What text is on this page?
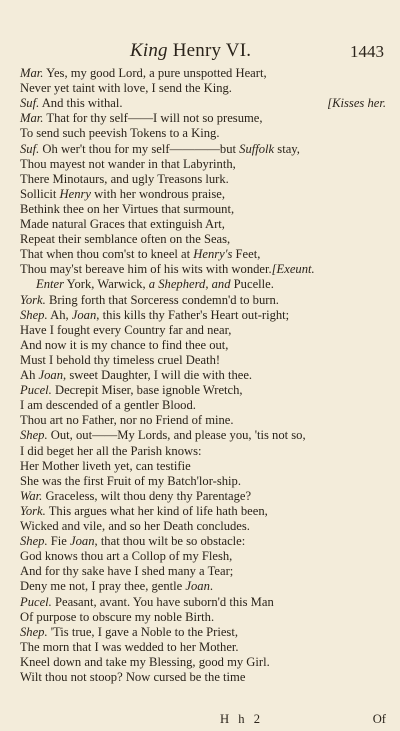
King Henry VI.	1443
Mar. Yes, my good Lord, a pure unspotted Heart,
Never yet taint with love, I send the King.
Suf. And this withal.	[Kisses her.
Mar. That for thy self——I will not so presume,
To send such peevish Tokens to a King.
Suf. Oh wer't thou for my self————but Suffolk stay,
Thou mayest not wander in that Labyrinth,
There Minotaurs, and ugly Treasons lurk.
Sollicit Henry with her wondrous praise,
Bethink thee on her Virtues that surmount,
Made natural Graces that extinguish Art,
Repeat their semblance often on the Seas,
That when thou com'st to kneel at Henry's Feet,
Thou may'st bereave him of his wits with wonder.[Exeunt.
Enter York, Warwick, a Shepherd, and Pucelle.
York. Bring forth that Sorceress condemn'd to burn.
Shep. Ah, Joan, this kills thy Father's Heart out-right;
Have I fought every Country far and near,
And now it is my chance to find thee out,
Must I behold thy timeless cruel Death!
Ah Joan, sweet Daughter, I will die with thee.
Pucel. Decrepit Miser, base ignoble Wretch,
I am descended of a gentler Blood.
Thou art no Father, nor no Friend of mine.
Shep. Out, out——My Lords, and please you, 'tis not so,
I did beget her all the Parish knows:
Her Mother liveth yet, can testifie
She was the first Fruit of my Batch'lor-ship.
War. Graceless, wilt thou deny thy Parentage?
York. This argues what her kind of life hath been,
Wicked and vile, and so her Death concludes.
Shep. Fie Joan, that thou wilt be so obstacle:
God knows thou art a Collop of my Flesh,
And for thy sake have I shed many a Tear;
Deny me not, I pray thee, gentle Joan.
Pucel. Peasant, avant. You have suborn'd this Man
Of purpose to obscure my noble Birth.
Shep. 'Tis true, I gave a Noble to the Priest,
The morn that I was wedded to her Mother.
Kneel down and take my Blessing, good my Girl.
Wilt thou not stoop? Now cursed be the time
H h 2	Of
